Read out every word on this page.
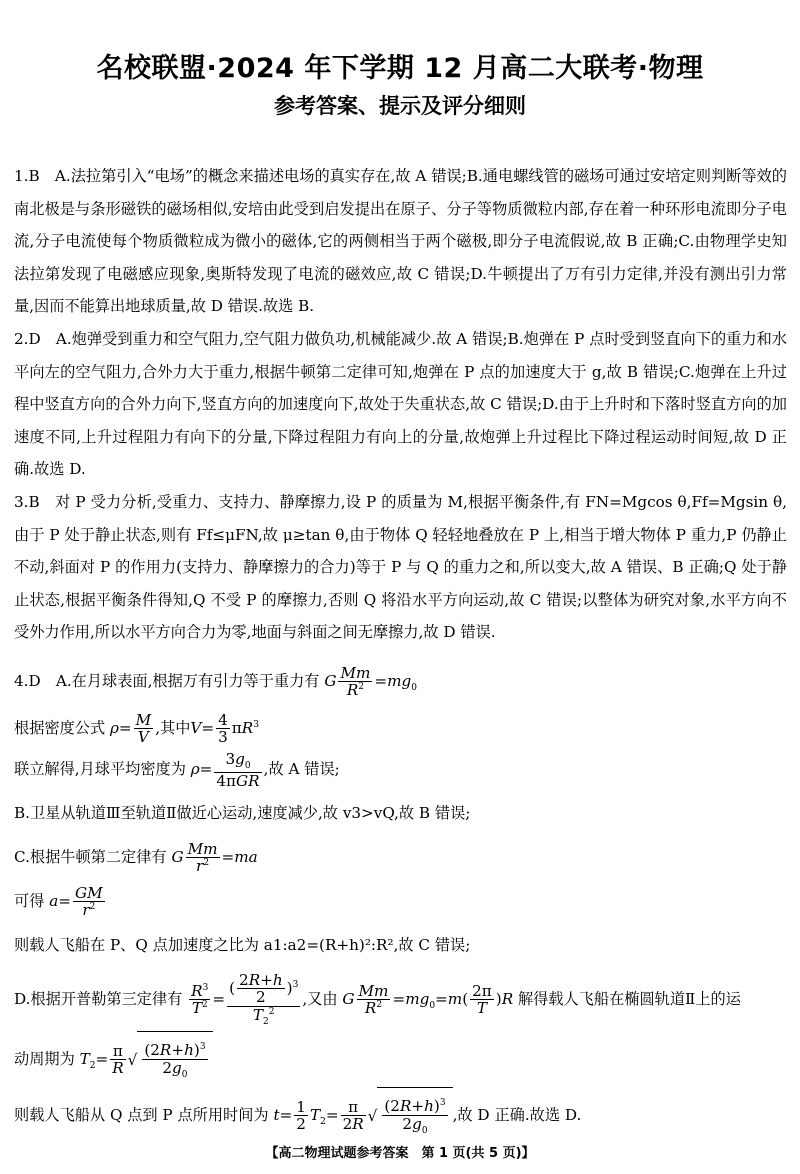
名校联盟·2024 年下学期 12 月高二大联考·物理
参考答案、提示及评分细则

1.B　A.法拉第引入“电场”的概念来描述电场的真实存在,故 A 错误;B.通电螺线管的磁场可通过安培定则判断等效的南北极是与条形磁铁的磁场相似,安培由此受到启发提出在原子、分子等物质微粒内部,存在着一种环形电流即分子电流,分子电流使每个物质微粒成为微小的磁体,它的两侧相当于两个磁极,即分子电流假说,故 B 正确;C.由物理学史知法拉第发现了电磁感应现象,奥斯特发现了电流的磁效应,故 C 错误;D.牛顿提出了万有引力定律,并没有测出引力常量,因而不能算出地球质量,故 D 错误.故选 B.

2.D　A.炮弹受到重力和空气阻力,空气阻力做负功,机械能减少.故 A 错误;B.炮弹在 P 点时受到竖直向下的重力和水平向左的空气阻力,合外力大于重力,根据牛顿第二定律可知,炮弹在 P 点的加速度大于 g,故 B 错误;C.炮弹在上升过程中竖直方向的合外力向下,竖直方向的加速度向下,故处于失重状态,故 C 错误;D.由于上升时和下落时竖直方向的加速度不同,上升过程阻力有向下的分量,下降过程阻力有向上的分量,故炮弹上升过程比下降过程运动时间短,故 D 正确.故选 D.

3.B　对 P 受力分析,受重力、支持力、静摩擦力,设 P 的质量为 M,根据平衡条件,有 FN=Mgcos θ,Ff=Mgsin θ,由于 P 处于静止状态,则有 Ff≤μFN,故 μ≥tan θ,由于物体 Q 轻轻地叠放在 P 上,相当于增大物体 P 重力,P 仍静止不动,斜面对 P 的作用力(支持力、静摩擦力的合力)等于 P 与 Q 的重力之和,所以变大,故 A 错误、B 正确;Q 处于静止状态,根据平衡条件得知,Q 不受 P 的摩擦力,否则 Q 将沿水平方向运动,故 C 错误;以整体为研究对象,水平方向不受外力作用,所以水平方向合力为零,地面与斜面之间无摩擦力,故 D 错误.

4.D　A.在月球表面,根据万有引力等于重力有 G $\frac{Mm}{R^2} =mg_0$

根据密度公式 $\rho= \frac{M}{V}$ ,其中$V= \frac{4}{3} \pi R^3$

联立解得,月球平均密度为 $\rho= \frac{3g_0}{\text{4πGR}}$ ,故 A 错误;

B.卫星从轨道Ⅲ至轨道Ⅱ做近心运动,速度减少,故 v3>vQ,故 B 错误;

C.根据牛顿第二定律有 G $\frac{Mm}{r^2} =ma$

可得 $a= \frac{GM}{r^2}$

则载人飞船在 P、Q 点加速度之比为 a1:a2=(R+h)²:R²,故 C 错误;

D.根据开普勒第三定律有 $\frac{R^3}{T^2} = \frac{( \frac{2R+h}{2} )^3}{T_2^2}$ ,又由 G $\frac{Mm}{R^2} =mg_0=m( \frac{2\pi}{T} )R$ 解得载人飞船在椭圆轨道Ⅱ上的运

动周期为 $T_2= \frac{\pi}{R}$ √ $\frac{(2R+h)^3}{2g_0}$

则载人飞船从 Q 点到 P 点所用时间为 $t= \frac{1}{2} T_2= \frac{\pi}{2R}$ √ $\frac{(2R+h)^3}{2g_0}$ ,故 D 正确.故选 D.

【高二物理试题参考答案　第 1 页(共 5 页)】
